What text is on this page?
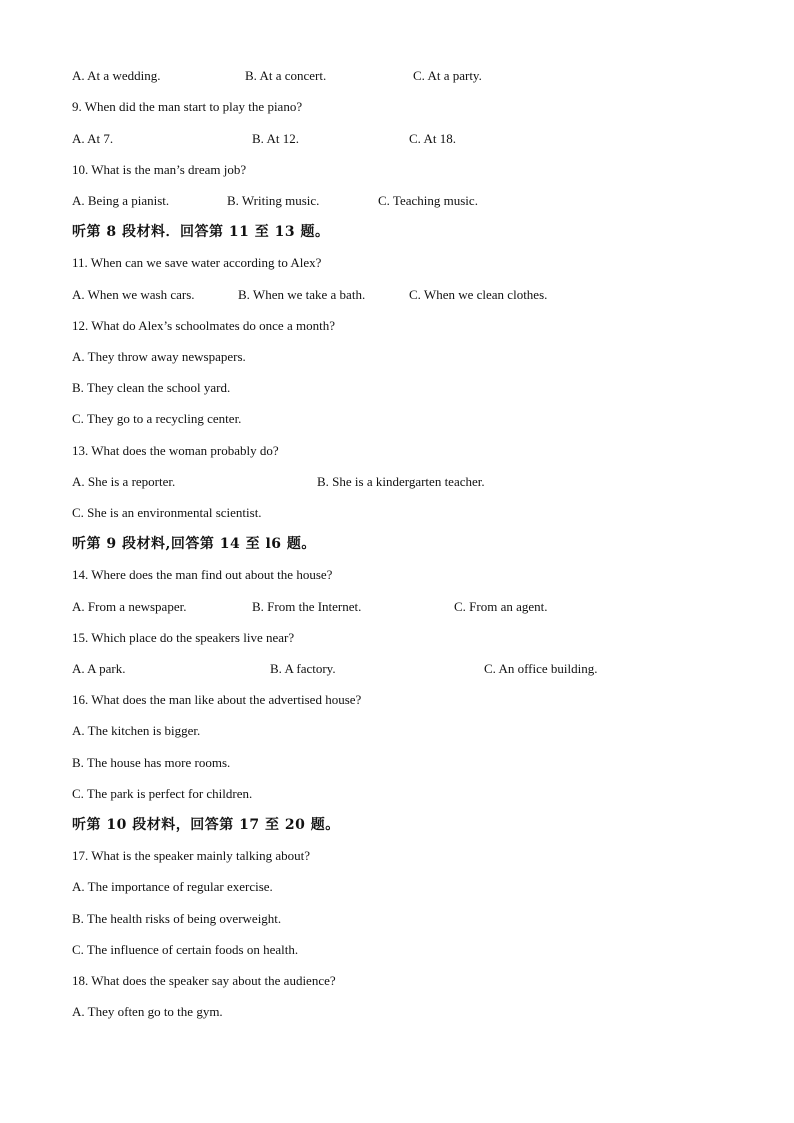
A. At a wedding.	B. At a concert.	C. At a party.
9. When did the man start to play the piano?
A. At 7.	B. At 12.	C. At 18.
10. What is the man’s dream job?
A. Being a pianist.	B. Writing music.	C. Teaching music.
听第 8 段材料．回答第 11 至 13 题。
11. When can we save water according to Alex?
A. When we wash cars.	B. When we take a bath.	C. When we clean clothes.
12. What do Alex’s schoolmates do once a month?
A. They throw away newspapers.
B. They clean the school yard.
C. They go to a recycling center.
13. What does the woman probably do?
A. She is a reporter.	B. She is a kindergarten teacher.
C. She is an environmental scientist.
听第 9 段材料,回答第 14 至 l6 题。
14. Where does the man find out about the house?
A. From a newspaper.	B. From the Internet.	C. From an agent.
15. Which place do the speakers live near?
A. A park.	B. A factory.	C. An office building.
16. What does the man like about the advertised house?
A. The kitchen is bigger.
B. The house has more rooms.
C. The park is perfect for children.
听第 10 段材料，回答第 17 至 20 题。
17. What is the speaker mainly talking about?
A. The importance of regular exercise.
B. The health risks of being overweight.
C. The influence of certain foods on health.
18. What does the speaker say about the audience?
A. They often go to the gym.
